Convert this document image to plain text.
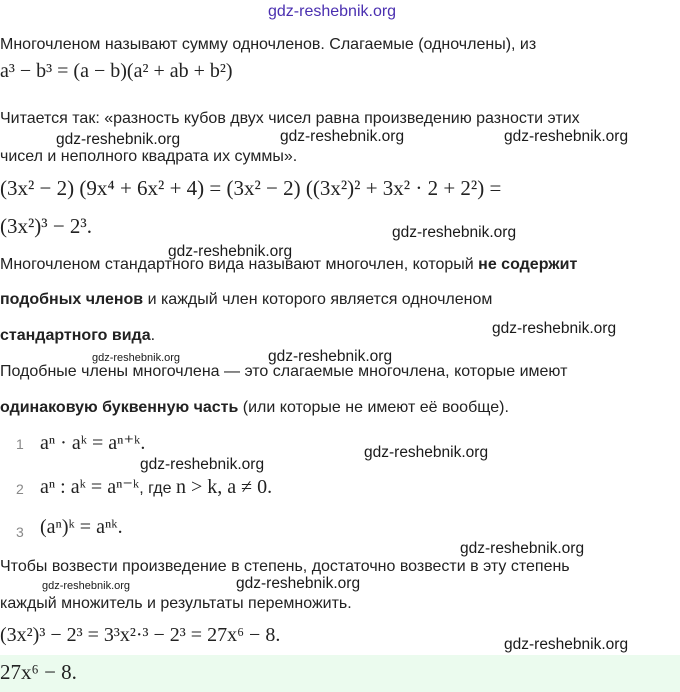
gdz-reshebnik.org
gdz-reshebnik.org	gdz-reshebnik.org	gdz-reshebnik.org
gdz-reshebnik.org
gdz-reshebnik.org
gdz-reshebnik.org
gdz-reshebnik.org	gdz-reshebnik.org
gdz-reshebnik.org
gdz-reshebnik.org
gdz-reshebnik.org
gdz-reshebnik.org	gdz-reshebnik.org
gdz-reshebnik.org
Многочленом называют сумму одночленов. Слагаемые (одночлены), из
a³ − b³ = (a − b)(a² + ab + b²)
Читается так: «разность кубов двух чисел равна произведению разности этих
чисел и неполного квадрата их суммы».
(3x² − 2) (9x⁴ + 6x² + 4) = (3x² − 2) ((3x²)² + 3x² · 2 + 2²) =
(3x²)³ − 2³.
Многочленом стандартного вида называют многочлен, который не содержит
подобных членов и каждый член которого является одночленом
стандартного вида.
Подобные члены многочлена — это слагаемые многочлена, которые имеют
одинаковую буквенную часть (или которые не имеют её вообще).
1 aⁿ · aᵏ = aⁿ⁺ᵏ.
2 aⁿ : aᵏ = aⁿ⁻ᵏ, где n > k, a ≠ 0.
3 (aⁿ)ᵏ = aⁿᵏ.
Чтобы возвести произведение в степень, достаточно возвести в эту степень
каждый множитель и результаты перемножить.
(3x²)³ − 2³ = 3³x²·³ − 2³ = 27x⁶ − 8.
27x⁶ − 8.
